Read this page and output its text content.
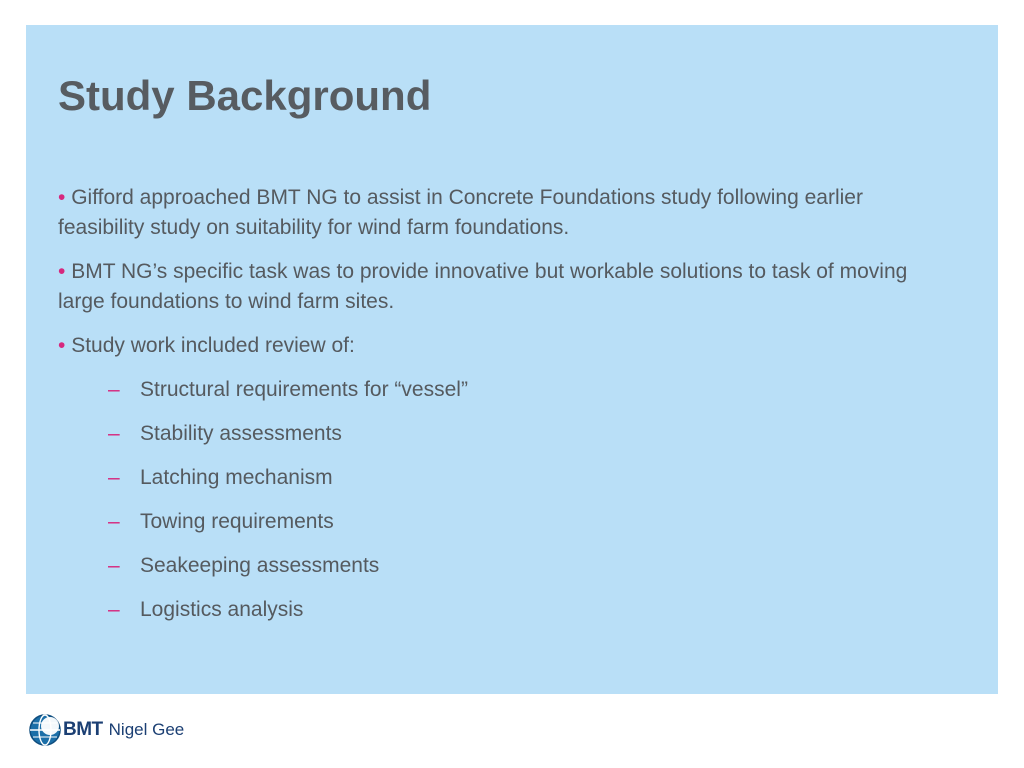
Study Background

• Gifford approached BMT NG to assist in Concrete Foundations study following earlier feasibility study on suitability for wind farm foundations.

• BMT NG’s specific task was to provide innovative but workable solutions to task of moving large foundations to wind farm sites.

• Study work included review of:

– Structural requirements for “vessel”
– Stability assessments
– Latching mechanism
– Towing requirements
– Seakeeping assessments
– Logistics analysis
BMT Nigel Gee
